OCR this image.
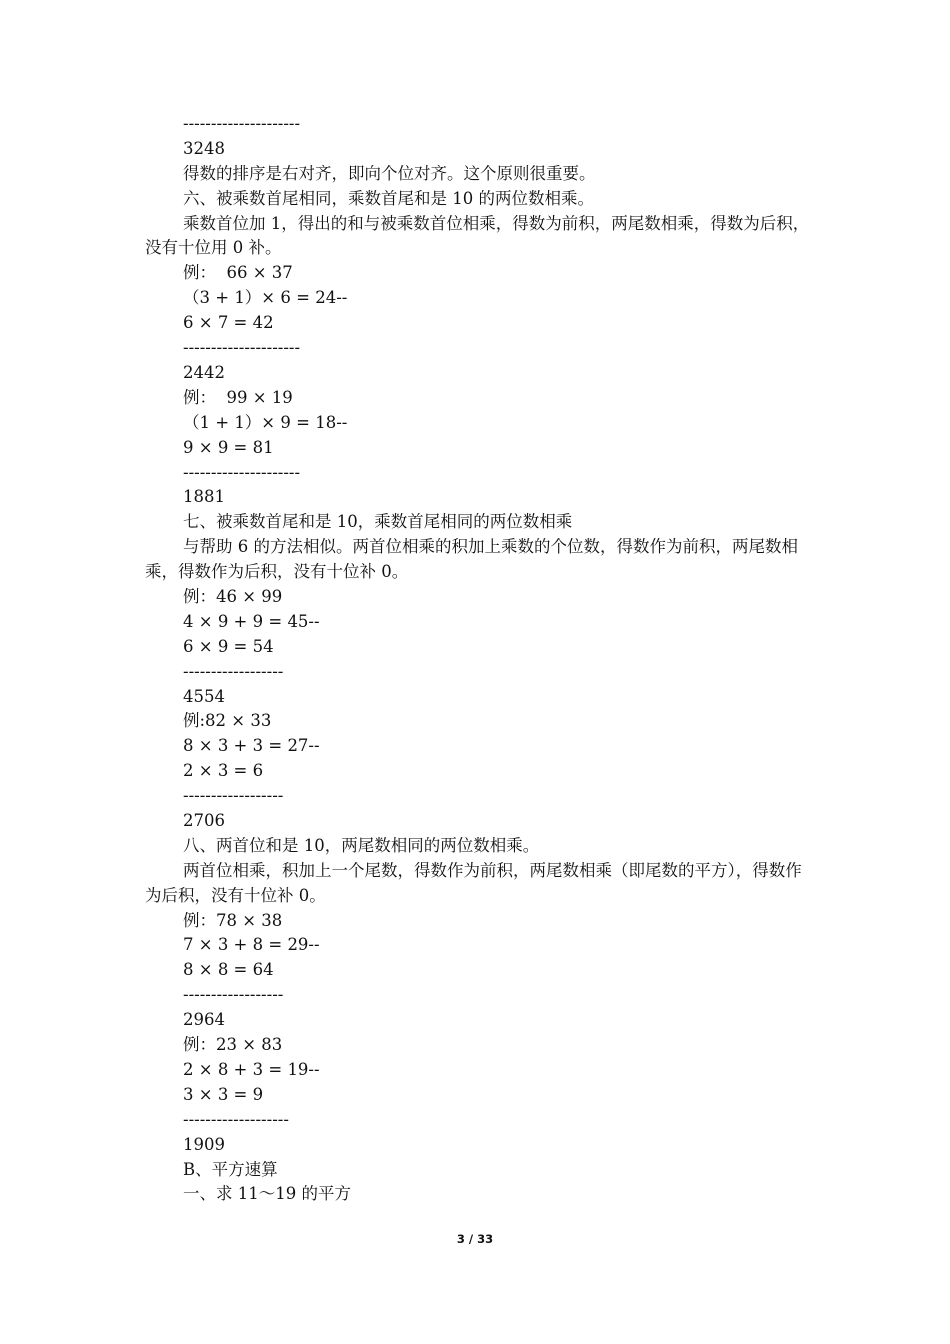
---------------------
3248
得数的排序是右对齐，即向个位对齐。这个原则很重要。
六、被乘数首尾相同，乘数首尾和是 10 的两位数相乘。
乘数首位加 1，得出的和与被乘数首位相乘，得数为前积，两尾数相乘，得数为后积，没有十位用 0 补。
例：  66 × 37
（3 + 1）× 6 = 24--
6 × 7 = 42
---------------------
2442
例：  99 × 19
（1 + 1）× 9 = 18--
9 × 9 = 81
---------------------
1881
七、被乘数首尾和是 10，乘数首尾相同的两位数相乘
与帮助 6 的方法相似。两首位相乘的积加上乘数的个位数，得数作为前积，两尾数相乘，得数作为后积，没有十位补 0。
例：46 × 99
4 × 9 + 9 = 45--
6 × 9 = 54
------------------
4554
例:82 × 33
8 × 3 + 3 = 27--
2 × 3 = 6
------------------
2706
八、两首位和是 10，两尾数相同的两位数相乘。
两首位相乘，积加上一个尾数，得数作为前积，两尾数相乘（即尾数的平方），得数作为后积，没有十位补 0。
例：78 × 38
7 × 3 + 8 = 29--
8 × 8 = 64
------------------
2964
例：23 × 83
2 × 8 + 3 = 19--
3 × 3 = 9
-------------------
1909
B、平方速算
一、求 11～19 的平方
3 / 33
